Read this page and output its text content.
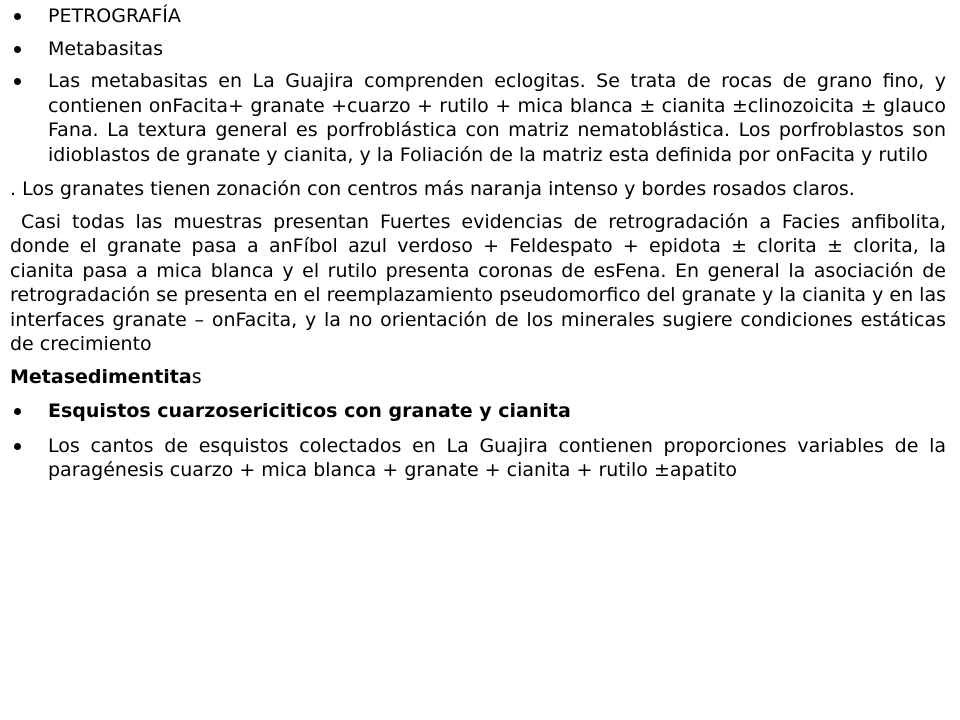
PETROGRAFÍA
Metabasitas
Las metabasitas en La Guajira comprenden eclogitas. Se trata de rocas de grano fino, y contienen onFacita+ granate +cuarzo + rutilo + mica blanca ± cianita ±clinozoicita ± glauco Fana. La textura general es porfroblástica con matriz nematoblástica. Los porfroblastos son idioblastos de granate y cianita, y la Foliación de la matriz esta definida por onFacita y rutilo
. Los granates tienen zonación con centros más naranja intenso y bordes rosados claros.
Casi todas las muestras presentan Fuertes evidencias de retrogradación a Facies anfibolita, donde el granate pasa a anFíbol azul verdoso + Feldespato + epidota ± clorita ± clorita, la cianita pasa a mica blanca y el rutilo presenta coronas de esFena. En general la asociación de retrogradación se presenta en el reemplazamiento pseudomorfico del granate y la cianita y en las interfaces granate – onFacita, y la no orientación de los minerales sugiere condiciones estáticas de crecimiento
Metasedimentitas
Esquistos cuarzosericiticos con granate y cianita
Los cantos de esquistos colectados en La Guajira contienen proporciones variables de la paragénesis cuarzo + mica blanca + granate + cianita + rutilo ±apatito
